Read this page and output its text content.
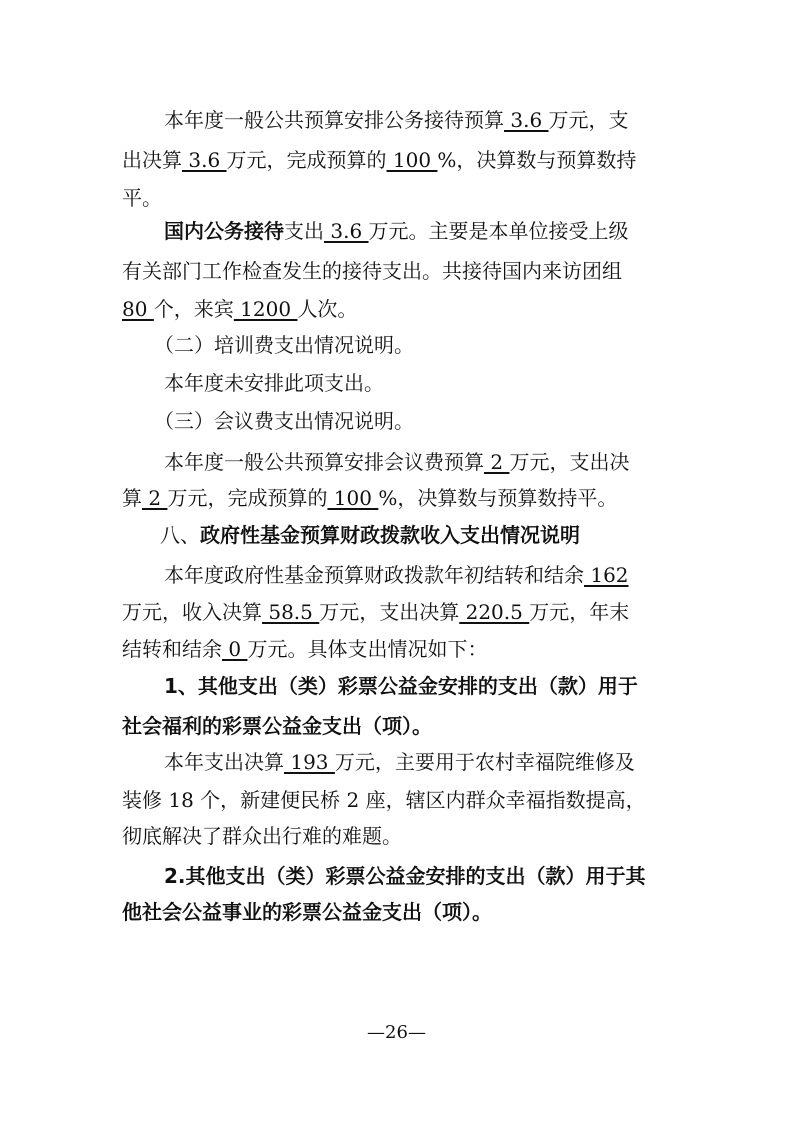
本年度一般公共预算安排公务接待预算 3.6 万元，支
出决算 3.6 万元，完成预算的 100 %，决算数与预算数持
平。
国内公务接待支出 3.6 万元。主要是本单位接受上级
有关部门工作检查发生的接待支出。共接待国内来访团组
80 个，来宾 1200 人次。
（二）培训费支出情况说明。
本年度未安排此项支出。
（三）会议费支出情况说明。
本年度一般公共预算安排会议费预算 2 万元，支出决
算 2 万元，完成预算的 100 %，决算数与预算数持平。
八、政府性基金预算财政拨款收入支出情况说明
本年度政府性基金预算财政拨款年初结转和结余 162
万元，收入决算 58.5 万元，支出决算 220.5 万元，年末
结转和结余 0 万元。具体支出情况如下：
1、其他支出（类）彩票公益金安排的支出（款）用于
社会福利的彩票公益金支出（项）。
本年支出决算 193 万元，主要用于农村幸福院维修及
装修 18 个，新建便民桥 2 座，辖区内群众幸福指数提高，
彻底解决了群众出行难的难题。
2.其他支出（类）彩票公益金安排的支出（款）用于其
他社会公益事业的彩票公益金支出（项）。
—26—
